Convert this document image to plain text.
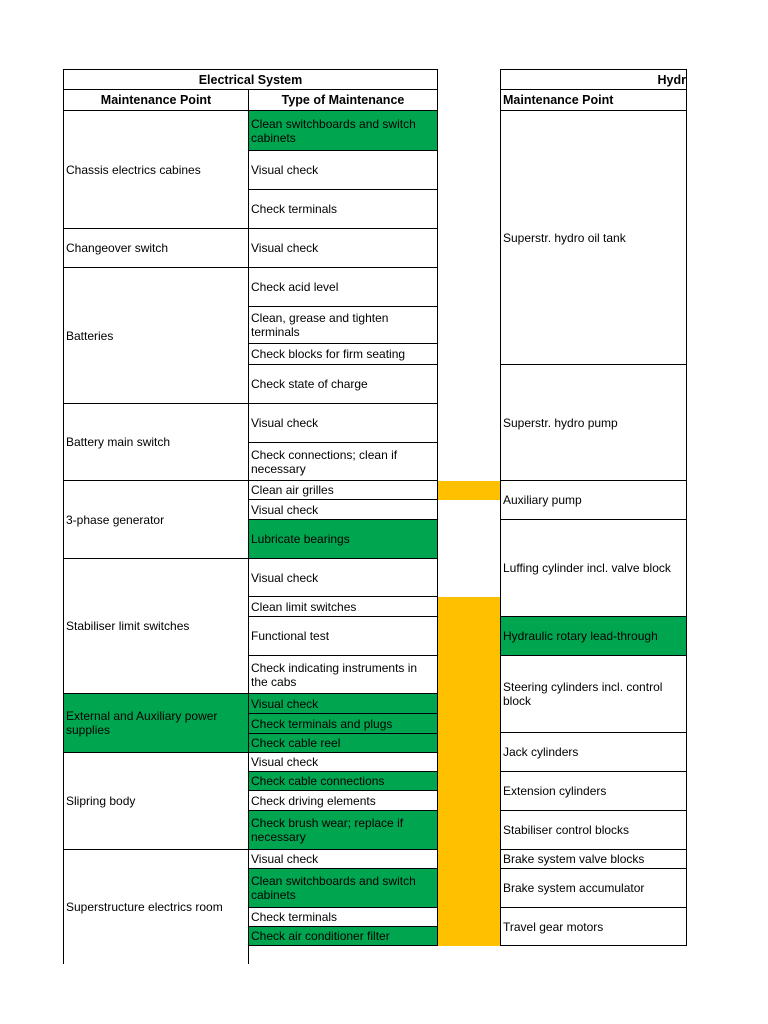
Electrical System
Maintenance Point	Type of Maintenance
Chassis electrics cabines
Clean switchboards and switch cabinets
Visual check
Check terminals
Changeover switch	Visual check
Batteries
Check acid level
Clean, grease and tighten terminals
Check blocks for firm seating
Check state of charge
Battery main switch
Visual check
Check connections; clean if necessary
3-phase generator
Clean air grilles
Visual check
Lubricate bearings
Stabiliser limit switches
Visual check
Clean limit switches
Functional test
Check indicating instruments in the cabs
External and Auxiliary power supplies
Visual check
Check terminals and plugs
Check cable reel
Slipring body
Visual check
Check cable connections
Check driving elements
Check brush wear; replace if necessary
Superstructure electrics room
Visual check
Clean switchboards and switch cabinets
Check terminals
Check air conditioner filter
Hydr
Maintenance Point
Superstr. hydro oil tank
Superstr. hydro pump
Auxiliary pump
Luffing cylinder incl. valve block
Hydraulic rotary lead-through
Steering cylinders incl. control block
Jack cylinders
Extension cylinders
Stabiliser control blocks
Brake system valve blocks
Brake system accumulator
Travel gear motors
